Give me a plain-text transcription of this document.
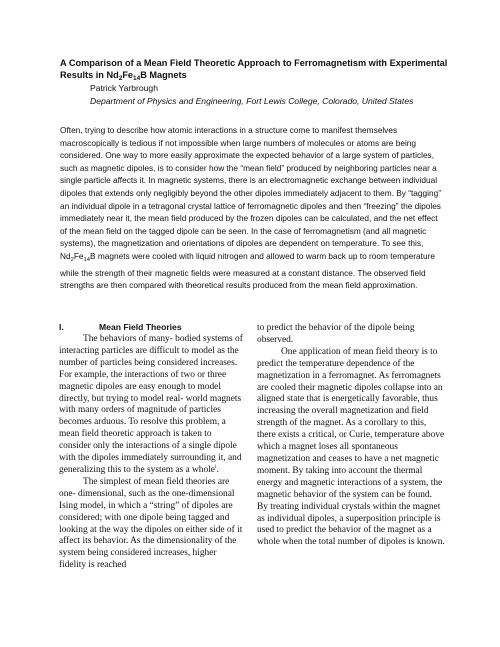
A Comparison of a Mean Field Theoretic Approach to Ferromagnetism with Experimental Results in $Nd_2Fe_{14}B$ Magnets

Patrick Yarbrough
Department of Physics and Engineering, Fort Lewis College, Colorado, United States

Often, trying to describe how atomic interactions in a structure come to manifest themselves macroscopically is tedious if not impossible when large numbers of molecules or atoms are being considered. One way to more easily approximate the expected behavior of a large system of particles, such as magnetic dipoles, is to consider how the “mean field” produced by neighboring particles near a single particle affects it. In magnetic systems, there is an electromagnetic exchange between individual dipoles that extends only negligibly beyond the other dipoles immediately adjacent to them. By “tagging” an individual dipole in a tetragonal crystal lattice of ferromagnetic dipoles and then “freezing” the dipoles immediately near it, the mean field produced by the frozen dipoles can be calculated, and the net effect of the mean field on the tagged dipole can be seen. In the case of ferromagnetism (and all magnetic systems), the magnetization and orientations of dipoles are dependent on temperature. To see this, $Nd_2Fe_{14}B$ magnets were cooled with liquid nitrogen and allowed to warm back up to room temperature while the strength of their magnetic fields were measured at a constant distance. The observed field strengths are then compared with theoretical results produced from the mean field approximation.

I.	Mean Field Theories

The behaviors of many- bodied systems of interacting particles are difficult to model as the number of particles being considered increases. For example, the interactions of two or three magnetic dipoles are easy enough to model directly, but trying to model real- world magnets with many orders of magnitude of particles becomes arduous. To resolve this problem, a mean field theoretic approach is taken to consider only the interactions of a single dipole with the dipoles immediately surrounding it, and generalizing this to the system as a whole$^i$.

The simplest of mean field theories are one- dimensional, such as the one-dimensional Ising model, in which a “string” of dipoles are considered; with one dipole being tagged and looking at the way the dipoles on either side of it affect its behavior. As the dimensionality of the system being considered increases, higher fidelity is reached

to predict the behavior of the dipole being observed.

One application of mean field theory is to predict the temperature dependence of the magnetization in a ferromagnet. As ferromagnets are cooled their magnetic dipoles collapse into an aligned state that is energetically favorable, thus increasing the overall magnetization and field strength of the magnet. As a corollary to this, there exists a critical, or Curie, temperature above which a magnet loses all spontaneous magnetization and ceases to have a net magnetic moment. By taking into account the thermal energy and magnetic interactions of a system, the magnetic behavior of the system can be found. By treating individual crystals within the magnet as individual dipoles, a superposition principle is used to predict the behavior of the magnet as a whole when the total number of dipoles is known.
